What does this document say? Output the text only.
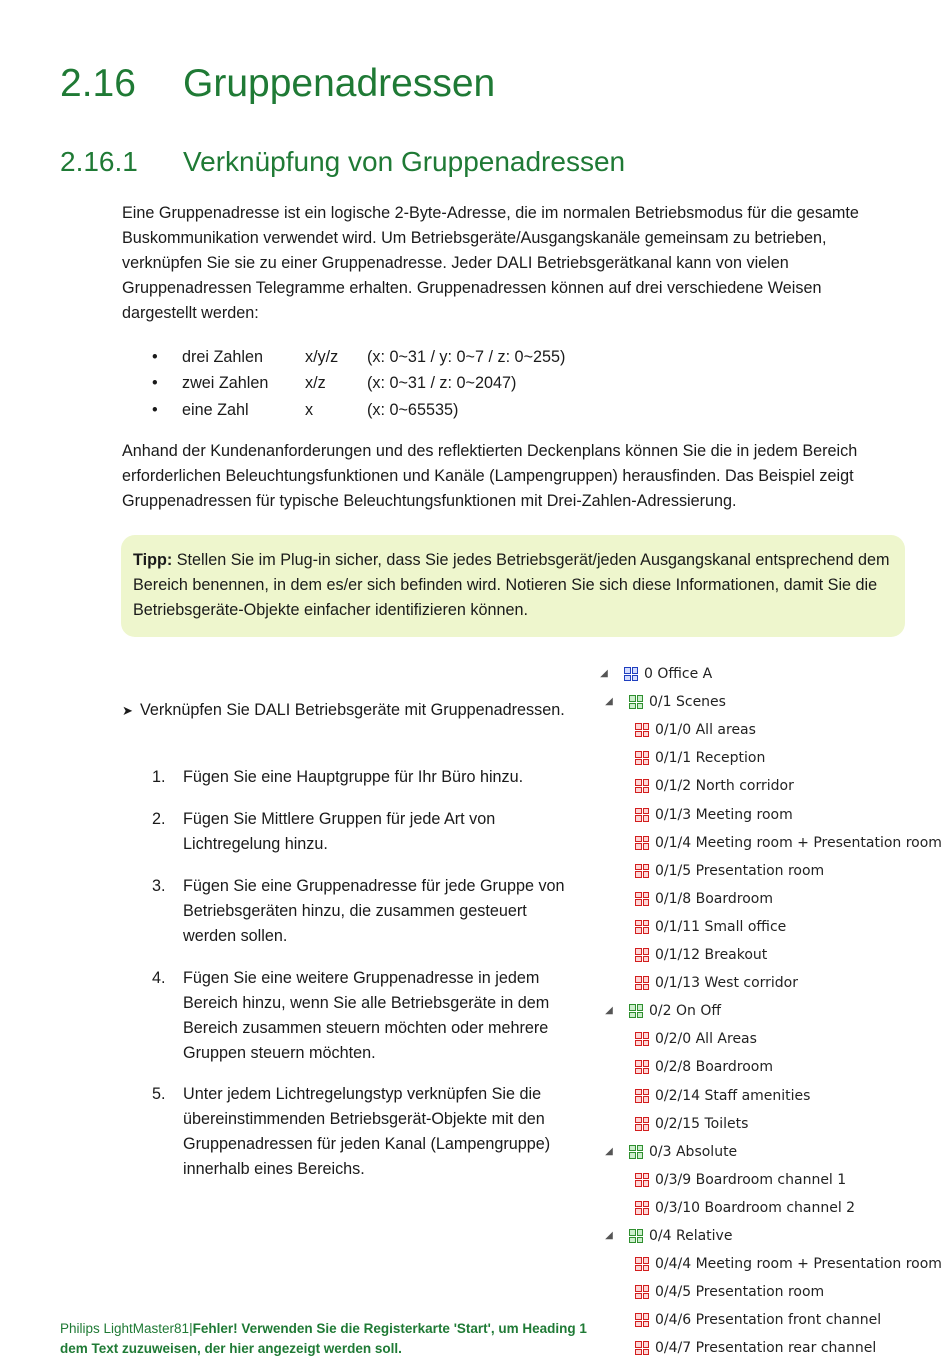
2.16 Gruppenadressen
2.16.1 Verknüpfung von Gruppenadressen

Eine Gruppenadresse ist ein logische 2-Byte-Adresse, die im normalen Betriebsmodus für die gesamte Buskommunikation verwendet wird. Um Betriebsgeräte/Ausgangskanäle gemeinsam zu betrieben, verknüpfen Sie sie zu einer Gruppenadresse. Jeder DALI Betriebsgerätkanal kann von vielen Gruppenadressen Telegramme erhalten. Gruppenadressen können auf drei verschiedene Weisen dargestellt werden:

• drei Zahlen	x/y/z (x: 0~31 / y: 0~7 / z: 0~255)
• zwei Zahlen x/z	(x: 0~31 / z: 0~2047)
• eine Zahl	x	(x: 0~65535)

Anhand der Kundenanforderungen und des reflektierten Deckenplans können Sie die in jedem Bereich erforderlichen Beleuchtungsfunktionen und Kanäle (Lampengruppen) herausfinden. Das Beispiel zeigt Gruppenadressen für typische Beleuchtungsfunktionen mit Drei-Zahlen-Adressierung.

Tipp: Stellen Sie im Plug-in sicher, dass Sie jedes Betriebsgerät/jeden Ausgangskanal entsprechend dem Bereich benennen, in dem es/er sich befinden wird. Notieren Sie sich diese Informationen, damit Sie die Betriebsgeräte-Objekte einfacher identifizieren können.

➤ Verknüpfen Sie DALI Betriebsgeräte mit Gruppenadressen.

1. Fügen Sie eine Hauptgruppe für Ihr Büro hinzu.
2. Fügen Sie Mittlere Gruppen für jede Art von Lichtregelung hinzu.
3. Fügen Sie eine Gruppenadresse für jede Gruppe von Betriebsgeräten hinzu, die zusammen gesteuert werden sollen.
4. Fügen Sie eine weitere Gruppenadresse in jedem Bereich hinzu, wenn Sie alle Betriebsgeräte in dem Bereich zusammen steuern möchten oder mehrere Gruppen steuern möchten.
5. Unter jedem Lichtregelungstyp verknüpfen Sie die übereinstimmenden Betriebsgerät-Objekte mit den Gruppenadressen für jeden Kanal (Lampengruppe) innerhalb eines Bereichs.
◢	0 Office A
◢	0/1 Scenes
0/1/0 All areas
0/1/1 Reception
0/1/2 North corridor
0/1/3 Meeting room
0/1/4 Meeting room + Presentation room
0/1/5 Presentation room
0/1/8 Boardroom
0/1/11 Small office
0/1/12 Breakout
0/1/13 West corridor
◢	0/2 On Off
0/2/0 All Areas
0/2/8 Boardroom
0/2/14 Staff amenities
0/2/15 Toilets
◢	0/3 Absolute
0/3/9 Boardroom channel 1
0/3/10 Boardroom channel 2
◢	0/4 Relative
0/4/4 Meeting room + Presentation room
0/4/5 Presentation room
0/4/6 Presentation front channel
0/4/7 Presentation rear channel
Philips LightMaster81|Fehler! Verwenden Sie die Registerkarte 'Start', um Heading 1 dem Text zuzuweisen, der hier angezeigt werden soll.
